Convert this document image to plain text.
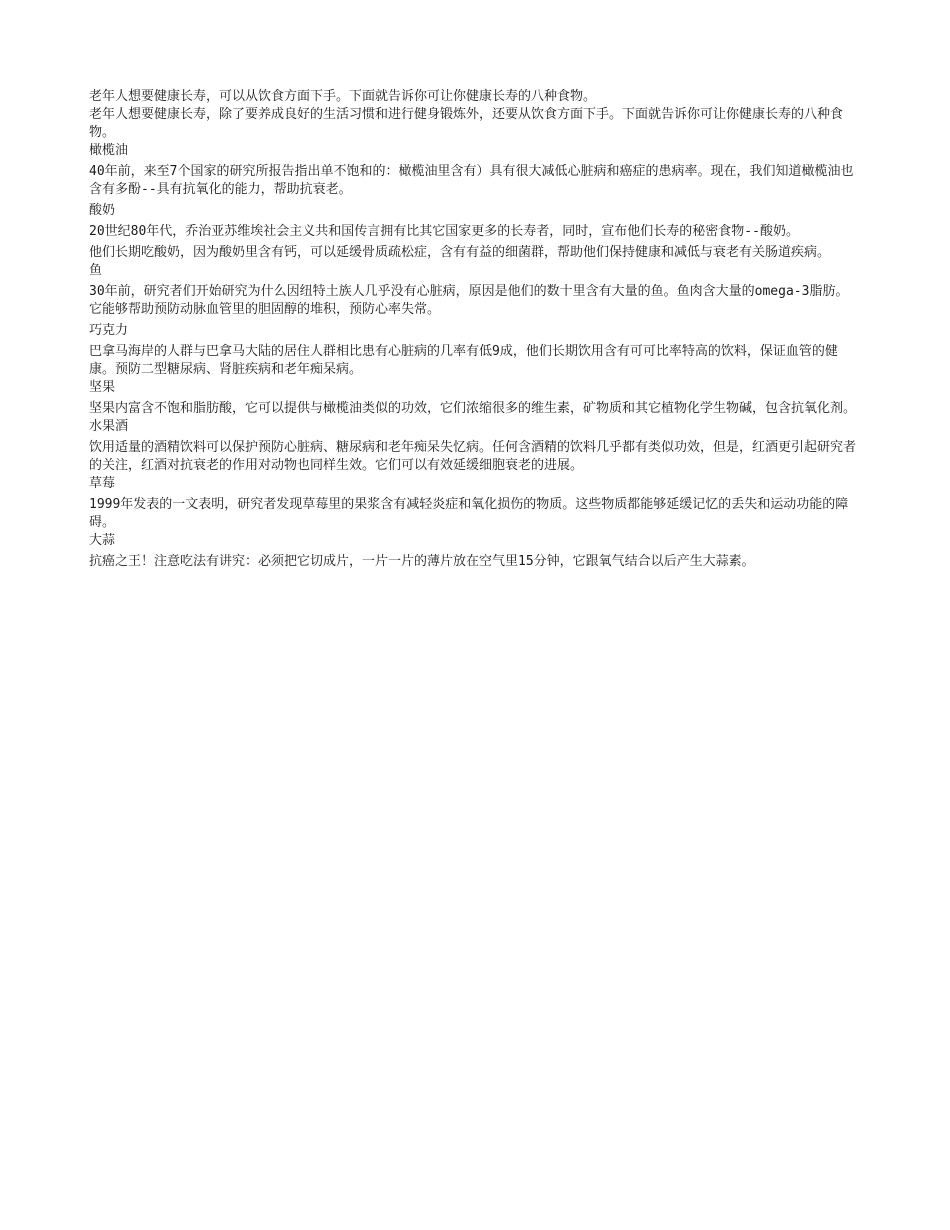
老年人想要健康长寿，可以从饮食方面下手。下面就告诉你可让你健康长寿的八种食物。

老年人想要健康长寿，除了要养成良好的生活习惯和进行健身锻炼外，还要从饮食方面下手。下面就告诉你可让你健康长寿的八种食物。

橄榄油

40年前，来至7个国家的研究所报告指出单不饱和的：橄榄油里含有）具有很大减低心脏病和癌症的患病率。现在，我们知道橄榄油也含有多酚--具有抗氧化的能力，帮助抗衰老。

酸奶

20世纪80年代，乔治亚苏维埃社会主义共和国传言拥有比其它国家更多的长寿者，同时，宣布他们长寿的秘密食物--酸奶。

他们长期吃酸奶，因为酸奶里含有钙，可以延缓骨质疏松症，含有有益的细菌群，帮助他们保持健康和减低与衰老有关肠道疾病。

鱼

30年前，研究者们开始研究为什么因纽特土族人几乎没有心脏病，原因是他们的数十里含有大量的鱼。鱼肉含大量的omega-3脂肪。它能够帮助预防动脉血管里的胆固醇的堆积，预防心率失常。

巧克力

巴拿马海岸的人群与巴拿马大陆的居住人群相比患有心脏病的几率有低9成，他们长期饮用含有可可比率特高的饮料，保证血管的健康。预防二型糖尿病、肾脏疾病和老年痴呆病。

坚果

坚果内富含不饱和脂肪酸，它可以提供与橄榄油类似的功效，它们浓缩很多的维生素，矿物质和其它植物化学生物碱，包含抗氧化剂。

水果酒

饮用适量的酒精饮料可以保护预防心脏病、糖尿病和老年痴呆失忆病。任何含酒精的饮料几乎都有类似功效，但是，红酒更引起研究者的关注，红酒对抗衰老的作用对动物也同样生效。它们可以有效延缓细胞衰老的进展。

草莓

1999年发表的一文表明，研究者发现草莓里的果浆含有减轻炎症和氧化损伤的物质。这些物质都能够延缓记忆的丢失和运动功能的障碍。

大蒜

抗癌之王！注意吃法有讲究：必须把它切成片，一片一片的薄片放在空气里15分钟，它跟氧气结合以后产生大蒜素。
